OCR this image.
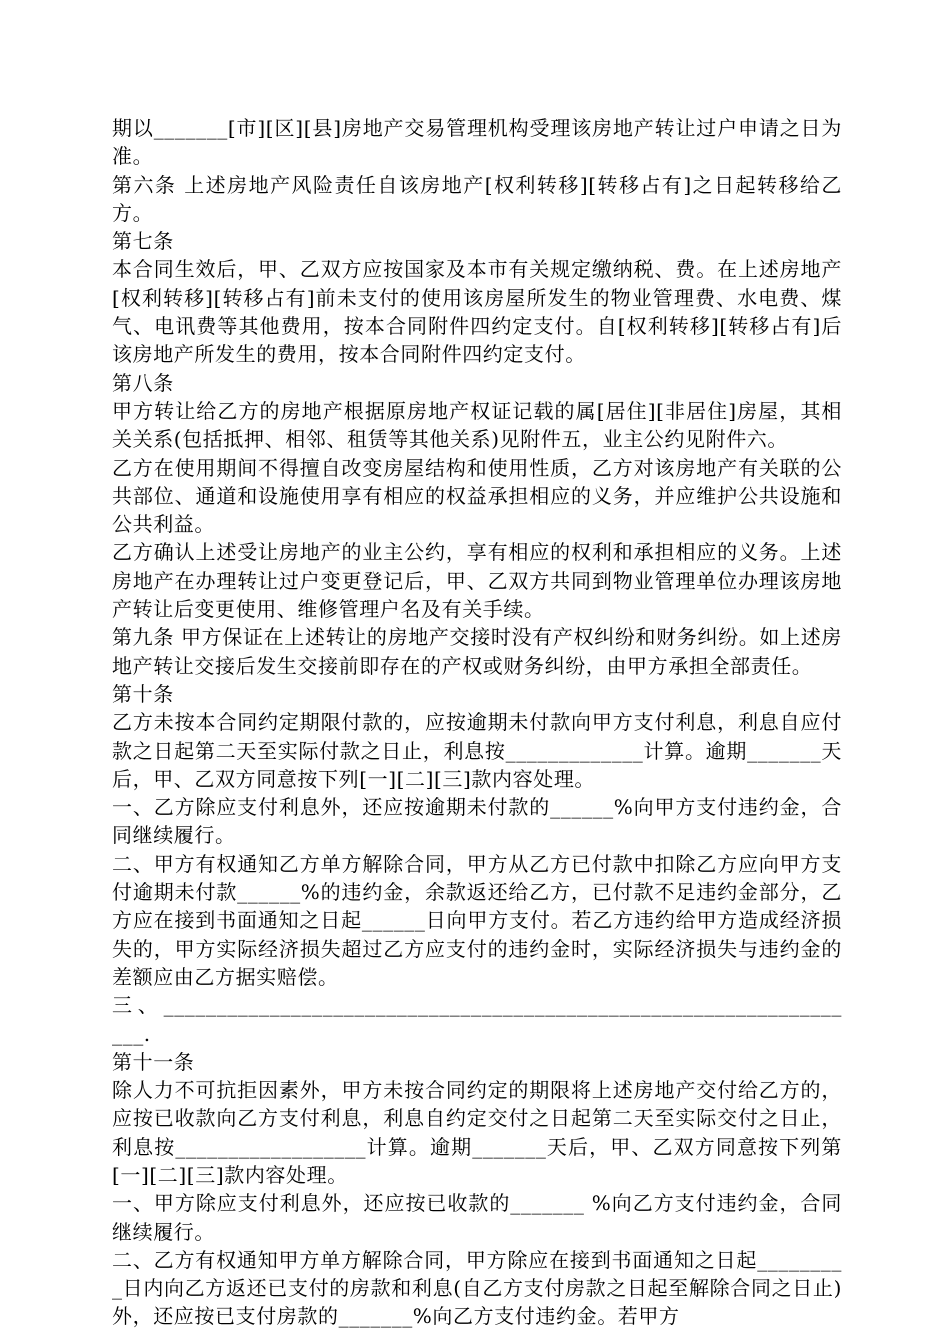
期以_______[市][区][县]房地产交易管理机构受理该房地产转让过户申请之日为准。

第六条 上述房地产风险责任自该房地产[权利转移][转移占有]之日起转移给乙方。

第七条

本合同生效后，甲、乙双方应按国家及本市有关规定缴纳税、费。在上述房地产[权利转移][转移占有]前未支付的使用该房屋所发生的物业管理费、水电费、煤气、电讯费等其他费用，按本合同附件四约定支付。自[权利转移][转移占有]后该房地产所发生的费用，按本合同附件四约定支付。

第八条

甲方转让给乙方的房地产根据原房地产权证记载的属[居住][非居住]房屋，其相关关系(包括抵押、相邻、租赁等其他关系)见附件五，业主公约见附件六。

乙方在使用期间不得擅自改变房屋结构和使用性质，乙方对该房地产有关联的公共部位、通道和设施使用享有相应的权益承担相应的义务，并应维护公共设施和公共利益。

乙方确认上述受让房地产的业主公约，享有相应的权利和承担相应的义务。上述房地产在办理转让过户变更登记后，甲、乙双方共同到物业管理单位办理该房地产转让后变更使用、维修管理户名及有关手续。

第九条 甲方保证在上述转让的房地产交接时没有产权纠纷和财务纠纷。如上述房地产转让交接后发生交接前即存在的产权或财务纠纷，由甲方承担全部责任。

第十条

乙方未按本合同约定期限付款的，应按逾期未付款向甲方支付利息，利息自应付款之日起第二天至实际付款之日止，利息按_____________计算。逾期_______天后，甲、乙双方同意按下列[一][二][三]款内容处理。

一、乙方除应支付利息外，还应按逾期未付款的______%向甲方支付违约金，合同继续履行。

二、甲方有权通知乙方单方解除合同，甲方从乙方已付款中扣除乙方应向甲方支付逾期未付款______%的违约金，余款返还给乙方，已付款不足违约金部分，乙方应在接到书面通知之日起______日向甲方支付。若乙方违约给甲方造成经济损失的，甲方实际经济损失超过乙方应支付的违约金时，实际经济损失与违约金的差额应由乙方据实赔偿。

三、___________________________________________________________________.

第十一条

除人力不可抗拒因素外，甲方未按合同约定的期限将上述房地产交付给乙方的，应按已收款向乙方支付利息，利息自约定交付之日起第二天至实际交付之日止，利息按__________________计算。逾期_______天后，甲、乙双方同意按下列第[一][二][三]款内容处理。

一、甲方除应支付利息外，还应按已收款的_______ %向乙方支付违约金，合同继续履行。

二、乙方有权通知甲方单方解除合同，甲方除应在接到书面通知之日起_________日内向乙方返还已支付的房款和利息(自乙方支付房款之日起至解除合同之日止)外，还应按已支付房款的_______%向乙方支付违约金。若甲方
